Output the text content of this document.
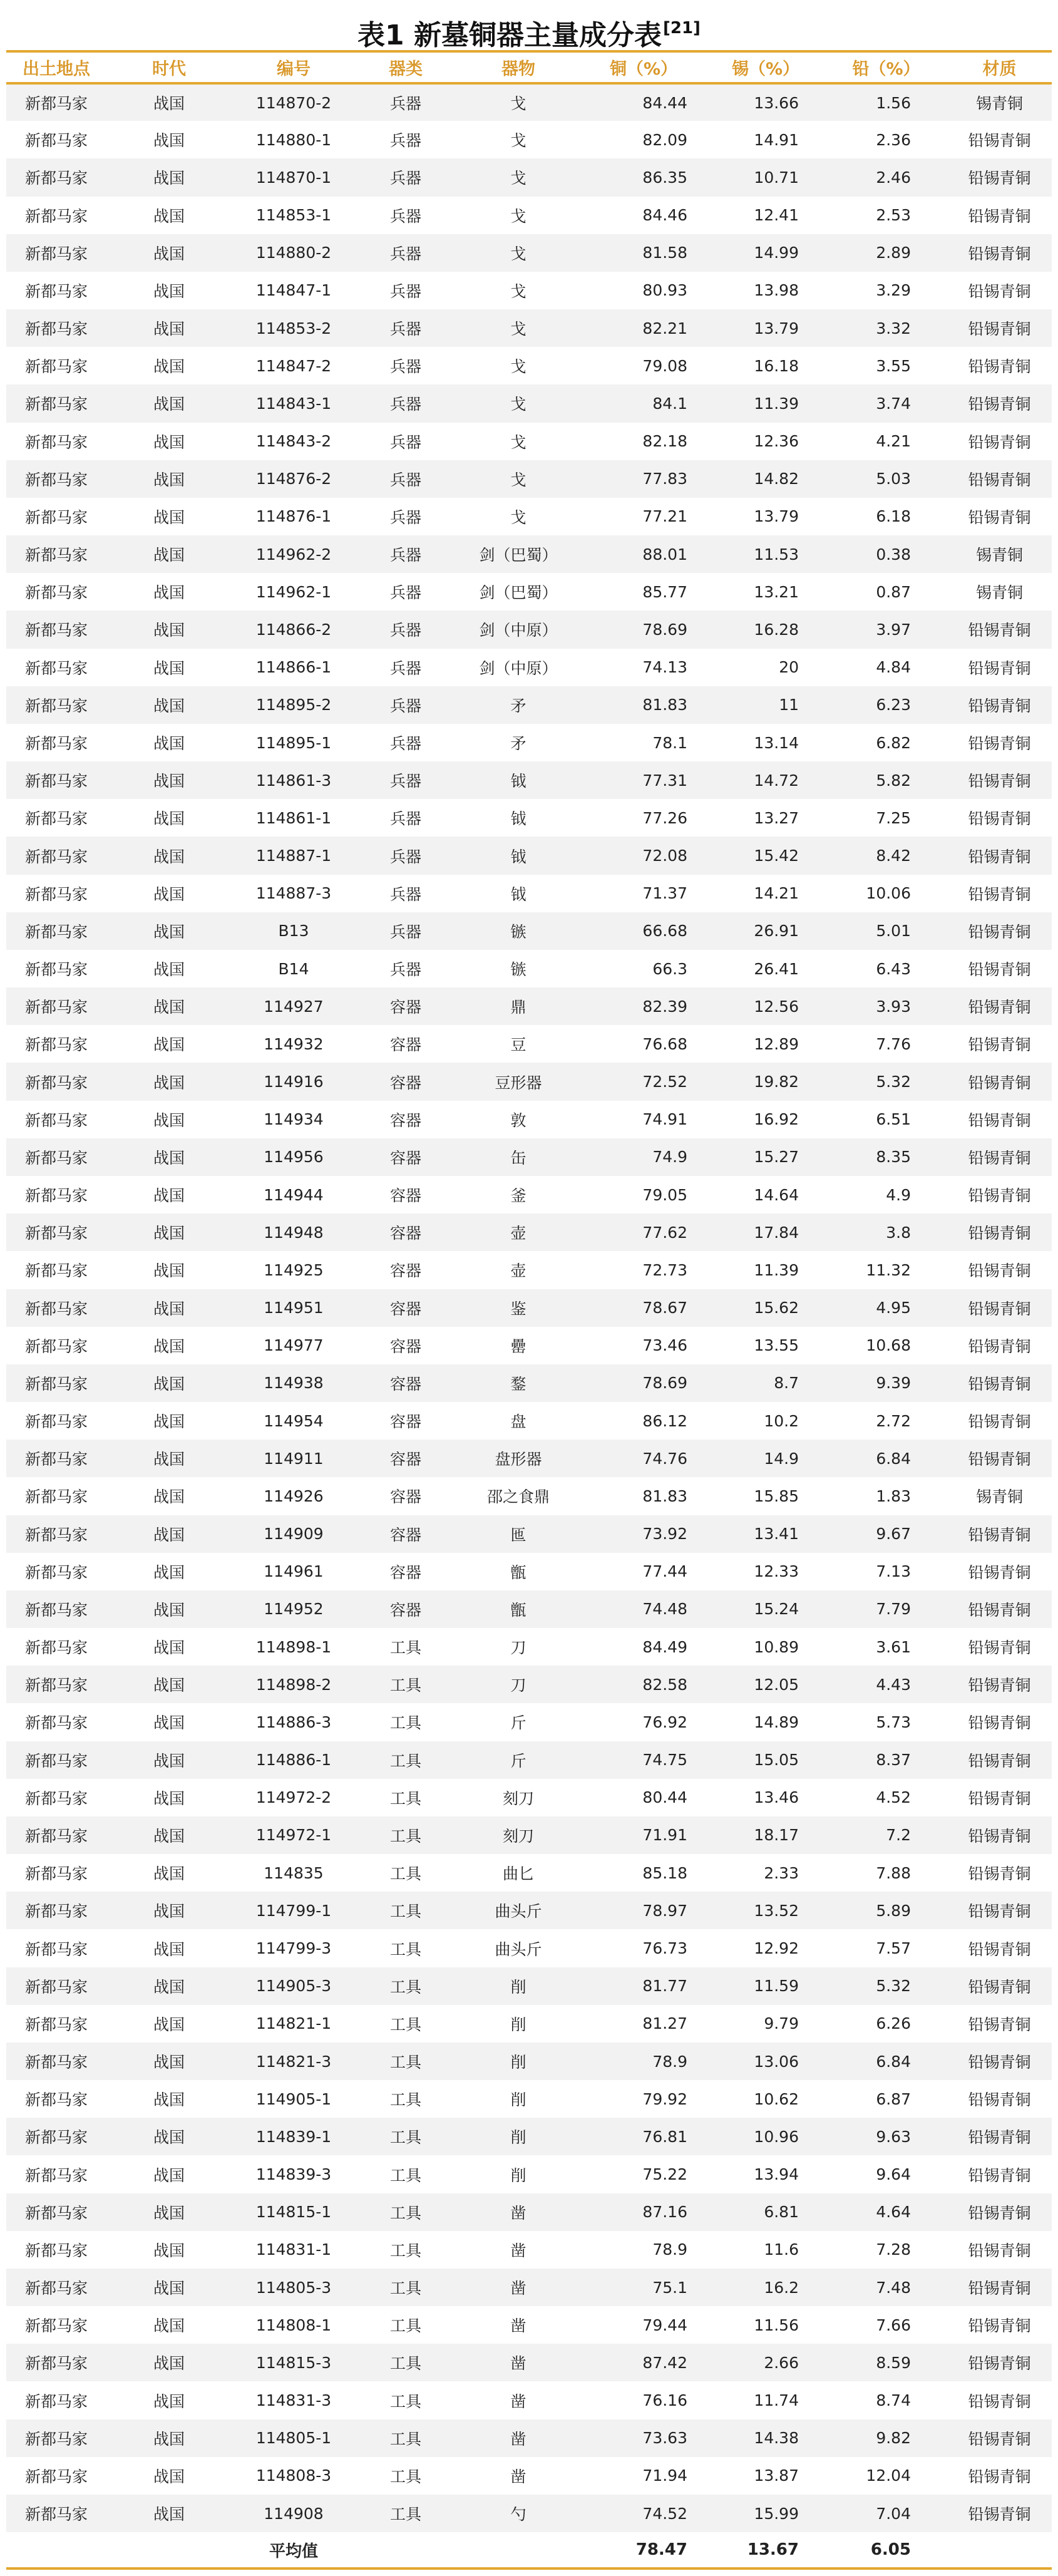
表1 新墓铜器主量成分表[21]
出土地点	时代	编号	器类	器物	铜（%）	锡（%）	铅（%）	材质
新都马家	战国	114870-2	兵器	戈	84.44	13.66	1.56	锡青铜
新都马家	战国	114880-1	兵器	戈	82.09	14.91	2.36	铅锡青铜
新都马家	战国	114870-1	兵器	戈	86.35	10.71	2.46	铅锡青铜
新都马家	战国	114853-1	兵器	戈	84.46	12.41	2.53	铅锡青铜
新都马家	战国	114880-2	兵器	戈	81.58	14.99	2.89	铅锡青铜
新都马家	战国	114847-1	兵器	戈	80.93	13.98	3.29	铅锡青铜
新都马家	战国	114853-2	兵器	戈	82.21	13.79	3.32	铅锡青铜
新都马家	战国	114847-2	兵器	戈	79.08	16.18	3.55	铅锡青铜
新都马家	战国	114843-1	兵器	戈	84.1	11.39	3.74	铅锡青铜
新都马家	战国	114843-2	兵器	戈	82.18	12.36	4.21	铅锡青铜
新都马家	战国	114876-2	兵器	戈	77.83	14.82	5.03	铅锡青铜
新都马家	战国	114876-1	兵器	戈	77.21	13.79	6.18	铅锡青铜
新都马家	战国	114962-2	兵器	剑（巴蜀）	88.01	11.53	0.38	锡青铜
新都马家	战国	114962-1	兵器	剑（巴蜀）	85.77	13.21	0.87	锡青铜
新都马家	战国	114866-2	兵器	剑（中原）	78.69	16.28	3.97	铅锡青铜
新都马家	战国	114866-1	兵器	剑（中原）	74.13	20	4.84	铅锡青铜
新都马家	战国	114895-2	兵器	矛	81.83	11	6.23	铅锡青铜
新都马家	战国	114895-1	兵器	矛	78.1	13.14	6.82	铅锡青铜
新都马家	战国	114861-3	兵器	钺	77.31	14.72	5.82	铅锡青铜
新都马家	战国	114861-1	兵器	钺	77.26	13.27	7.25	铅锡青铜
新都马家	战国	114887-1	兵器	钺	72.08	15.42	8.42	铅锡青铜
新都马家	战国	114887-3	兵器	钺	71.37	14.21	10.06	铅锡青铜
新都马家	战国	B13	兵器	镞	66.68	26.91	5.01	铅锡青铜
新都马家	战国	B14	兵器	镞	66.3	26.41	6.43	铅锡青铜
新都马家	战国	114927	容器	鼎	82.39	12.56	3.93	铅锡青铜
新都马家	战国	114932	容器	豆	76.68	12.89	7.76	铅锡青铜
新都马家	战国	114916	容器	豆形器	72.52	19.82	5.32	铅锡青铜
新都马家	战国	114934	容器	敦	74.91	16.92	6.51	铅锡青铜
新都马家	战国	114956	容器	缶	74.9	15.27	8.35	铅锡青铜
新都马家	战国	114944	容器	釜	79.05	14.64	4.9	铅锡青铜
新都马家	战国	114948	容器	壶	77.62	17.84	3.8	铅锡青铜
新都马家	战国	114925	容器	壶	72.73	11.39	11.32	铅锡青铜
新都马家	战国	114951	容器	鉴	78.67	15.62	4.95	铅锡青铜
新都马家	战国	114977	容器	罍	73.46	13.55	10.68	铅锡青铜
新都马家	战国	114938	容器	鍪	78.69	8.7	9.39	铅锡青铜
新都马家	战国	114954	容器	盘	86.12	10.2	2.72	铅锡青铜
新都马家	战国	114911	容器	盘形器	74.76	14.9	6.84	铅锡青铜
新都马家	战国	114926	容器	邵之食鼎	81.83	15.85	1.83	锡青铜
新都马家	战国	114909	容器	匜	73.92	13.41	9.67	铅锡青铜
新都马家	战国	114961	容器	甑	77.44	12.33	7.13	铅锡青铜
新都马家	战国	114952	容器	甑	74.48	15.24	7.79	铅锡青铜
新都马家	战国	114898-1	工具	刀	84.49	10.89	3.61	铅锡青铜
新都马家	战国	114898-2	工具	刀	82.58	12.05	4.43	铅锡青铜
新都马家	战国	114886-3	工具	斤	76.92	14.89	5.73	铅锡青铜
新都马家	战国	114886-1	工具	斤	74.75	15.05	8.37	铅锡青铜
新都马家	战国	114972-2	工具	刻刀	80.44	13.46	4.52	铅锡青铜
新都马家	战国	114972-1	工具	刻刀	71.91	18.17	7.2	铅锡青铜
新都马家	战国	114835	工具	曲匕	85.18	2.33	7.88	铅锡青铜
新都马家	战国	114799-1	工具	曲头斤	78.97	13.52	5.89	铅锡青铜
新都马家	战国	114799-3	工具	曲头斤	76.73	12.92	7.57	铅锡青铜
新都马家	战国	114905-3	工具	削	81.77	11.59	5.32	铅锡青铜
新都马家	战国	114821-1	工具	削	81.27	9.79	6.26	铅锡青铜
新都马家	战国	114821-3	工具	削	78.9	13.06	6.84	铅锡青铜
新都马家	战国	114905-1	工具	削	79.92	10.62	6.87	铅锡青铜
新都马家	战国	114839-1	工具	削	76.81	10.96	9.63	铅锡青铜
新都马家	战国	114839-3	工具	削	75.22	13.94	9.64	铅锡青铜
新都马家	战国	114815-1	工具	凿	87.16	6.81	4.64	铅锡青铜
新都马家	战国	114831-1	工具	凿	78.9	11.6	7.28	铅锡青铜
新都马家	战国	114805-3	工具	凿	75.1	16.2	7.48	铅锡青铜
新都马家	战国	114808-1	工具	凿	79.44	11.56	7.66	铅锡青铜
新都马家	战国	114815-3	工具	凿	87.42	2.66	8.59	铅锡青铜
新都马家	战国	114831-3	工具	凿	76.16	11.74	8.74	铅锡青铜
新都马家	战国	114805-1	工具	凿	73.63	14.38	9.82	铅锡青铜
新都马家	战国	114808-3	工具	凿	71.94	13.87	12.04	铅锡青铜
新都马家	战国	114908	工具	勺	74.52	15.99	7.04	铅锡青铜
		平均值			78.47	13.67	6.05	
